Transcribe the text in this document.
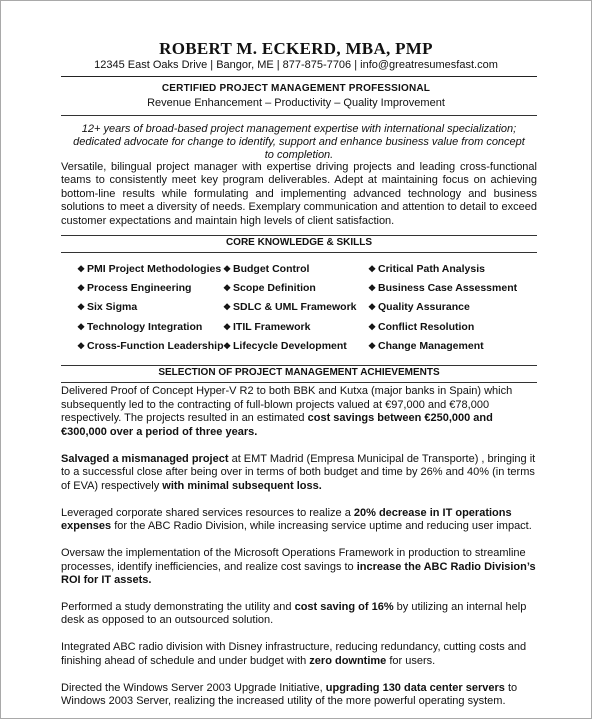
ROBERT M. ECKERD, MBA, PMP
12345 East Oaks Drive | Bangor, ME | 877-875-7706 | info@greatresumesfast.com
CERTIFIED PROJECT MANAGEMENT PROFESSIONAL
Revenue Enhancement – Productivity – Quality Improvement
12+ years of broad-based project management expertise with international specialization;
dedicated advocate for change to identify, support and enhance business value from concept to completion.
Versatile, bilingual project manager with expertise driving projects and leading cross-functional teams to consistently meet key program deliverables. Adept at maintaining focus on achieving bottom-line results while formulating and implementing advanced technology and business solutions to meet a diversity of needs. Exemplary communication and attention to detail to exceed customer expectations and maintain high levels of client satisfaction.
CORE KNOWLEDGE & SKILLS
❖ PMI Project Methodologies
❖ Process Engineering
❖ Six Sigma
❖ Technology Integration
❖ Cross-Function Leadership
❖ Budget Control
❖ Scope Definition
❖ SDLC & UML Framework
❖ ITIL Framework
❖ Lifecycle Development
❖ Critical Path Analysis
❖ Business Case Assessment
❖ Quality Assurance
❖ Conflict Resolution
❖ Change Management
SELECTION OF PROJECT MANAGEMENT ACHIEVEMENTS
Delivered Proof of Concept Hyper-V R2 to both BBK and Kutxa (major banks in Spain) which subsequently led to the contracting of full-blown projects valued at €97,000 and €78,000 respectively. The projects resulted in an estimated cost savings between €250,000 and €300,000 over a period of three years.
Salvaged a mismanaged project at EMT Madrid (Empresa Municipal de Transporte) , bringing it to a successful close after being over in terms of both budget and time by 26% and 40% (in terms of EVA) respectively with minimal subsequent loss.
Leveraged corporate shared services resources to realize a 20% decrease in IT operations expenses for the ABC Radio Division, while increasing service uptime and reducing user impact.
Oversaw the implementation of the Microsoft Operations Framework in production to streamline processes, identify inefficiencies, and realize cost savings to increase the ABC Radio Division’s ROI for IT assets.
Performed a study demonstrating the utility and cost saving of 16% by utilizing an internal help desk as opposed to an outsourced solution.
Integrated ABC radio division with Disney infrastructure, reducing redundancy, cutting costs and finishing ahead of schedule and under budget with zero downtime for users.
Directed the Windows Server 2003 Upgrade Initiative, upgrading 130 data center servers to Windows 2003 Server, realizing the increased utility of the more powerful operating system.
